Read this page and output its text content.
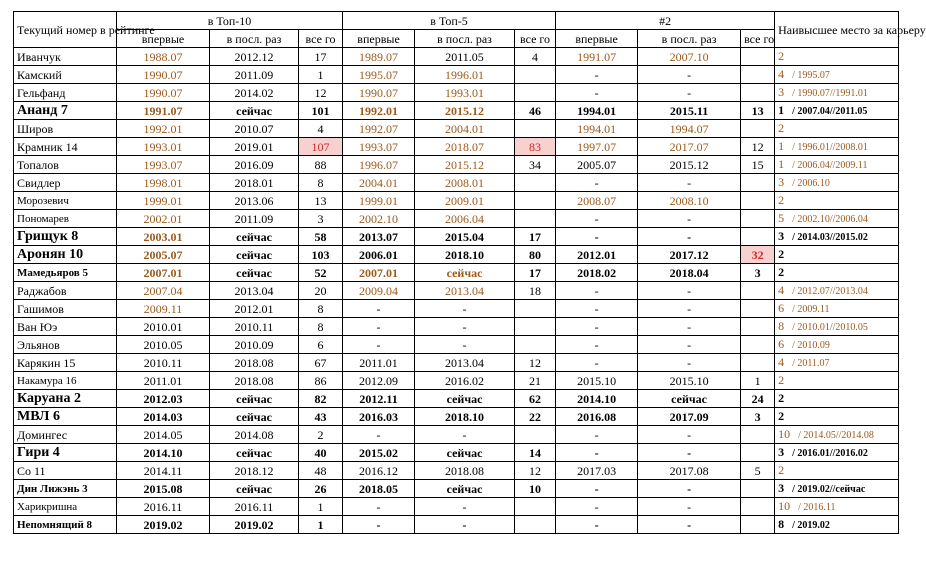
Текущий номер в рейтинге	в Топ-10			в Топ-5			#2			Наивысшее место за карьеру
	впервые	в посл. раз	все го	впервые	в посл. раз	все го	впервые	в посл. раз	все го	
Иванчук	1988.07	2012.12	17	1989.07	2011.05	4	1991.07	2007.10		2
Камский	1990.07	2011.09	1	1995.07	1996.01		-	-		4 / 1995.07
Гельфанд	1990.07	2014.02	12	1990.07	1993.01		-	-		3 / 1990.07//1991.01
Ананд 7	1991.07	сейчас	101	1992.01	2015.12	46	1994.01	2015.11	13	1 / 2007.04//2011.05
Широв	1992.01	2010.07	4	1992.07	2004.01		1994.01	1994.07		2
Крамник 14	1993.01	2019.01	107	1993.07	2018.07	83	1997.07	2017.07	12	1 / 1996.01//2008.01
Топалов	1993.07	2016.09	88	1996.07	2015.12	34	2005.07	2015.12	15	1 / 2006.04//2009.11
Свидлер	1998.01	2018.01	8	2004.01	2008.01		-	-		3 / 2006.10
Морозевич	1999.01	2013.06	13	1999.01	2009.01		2008.07	2008.10		2
Пономарев	2002.01	2011.09	3	2002.10	2006.04		-	-		5 / 2002.10//2006.04
Грищук 8	2003.01	сейчас	58	2013.07	2015.04	17	-	-		3 / 2014.03//2015.02
Аронян 10	2005.07	сейчас	103	2006.01	2018.10	80	2012.01	2017.12	32	2
Мамедьяров 5	2007.01	сейчас	52	2007.01	сейчас	17	2018.02	2018.04	3	2
Раджабов	2007.04	2013.04	20	2009.04	2013.04	18	-	-		4 / 2012.07//2013.04
Гашимов	2009.11	2012.01	8	-	-		-	-		6 / 2009.11
Ван Юэ	2010.01	2010.11	8	-	-		-	-		8 / 2010.01//2010.05
Эльянов	2010.05	2010.09	6	-	-		-	-		6 / 2010.09
Карякин 15	2010.11	2018.08	67	2011.01	2013.04	12	-	-		4 / 2011.07
Накамура 16	2011.01	2018.08	86	2012.09	2016.02	21	2015.10	2015.10	1	2
Каруана 2	2012.03	сейчас	82	2012.11	сейчас	62	2014.10	сейчас	24	2
МВЛ 6	2014.03	сейчас	43	2016.03	2018.10	22	2016.08	2017.09	3	2
Домингес	2014.05	2014.08	2	-	-		-	-		10 / 2014.05//2014.08
Гири 4	2014.10	сейчас	40	2015.02	сейчас	14	-	-		3 / 2016.01//2016.02
Со 11	2014.11	2018.12	48	2016.12	2018.08	12	2017.03	2017.08	5	2
Дин Лижэнь 3	2015.08	сейчас	26	2018.05	сейчас	10	-	-		3 / 2019.02//сейчас
Харикришна	2016.11	2016.11	1	-	-		-	-		10 / 2016.11
Непомнящий 8	2019.02	2019.02	1	-	-		-	-		8 / 2019.02
